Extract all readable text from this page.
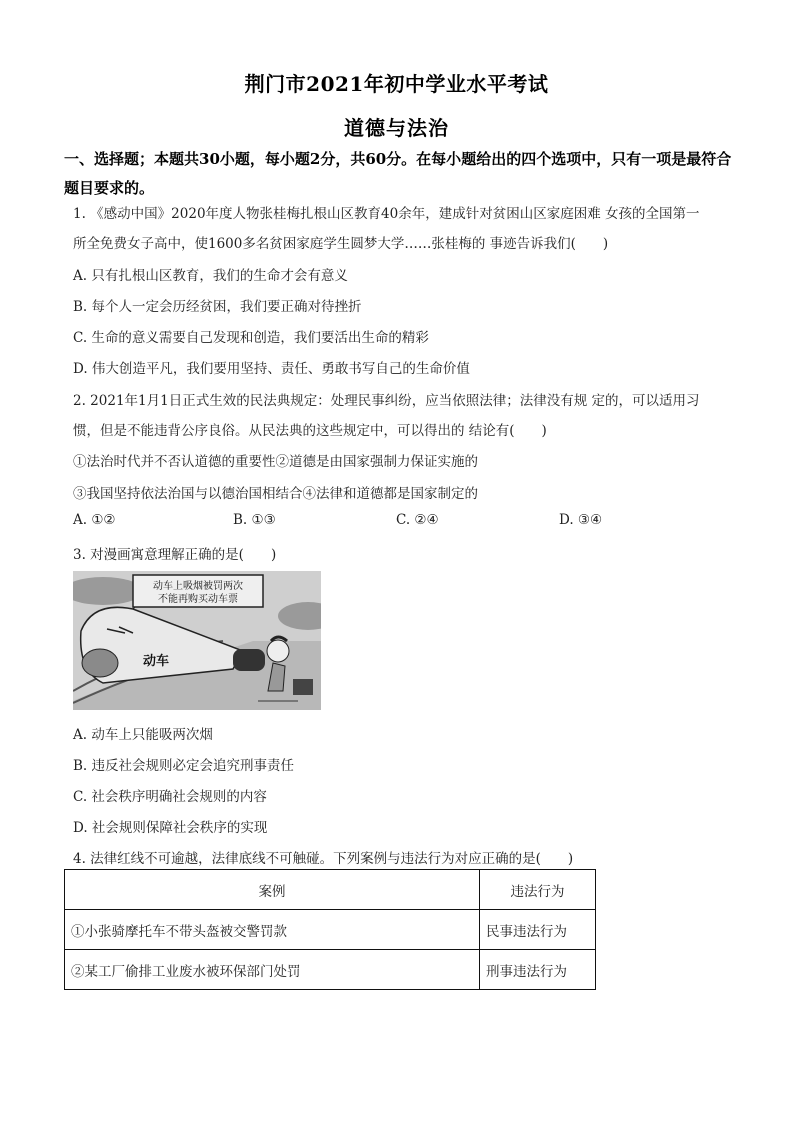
荆门市2021年初中学业水平考试
道德与法治
一、选择题；本题共30小题，每小题2分，共60分。在每小题给出的四个选项中，只有一项是最符合题目要求的。
1. 《感动中国》2020年度人物张桂梅扎根山区教育40余年，建成针对贫困山区家庭困难 女孩的全国第一
所全免费女子高中，使1600多名贫困家庭学生圆梦大学……张桂梅的 事迹告诉我们(　　)
A. 只有扎根山区教育，我们的生命才会有意义
B. 每个人一定会历经贫困，我们要正确对待挫折
C. 生命的意义需要自己发现和创造，我们要活出生命的精彩
D. 伟大创造平凡，我们要用坚持、责任、勇敢书写自己的生命价值
2. 2021年1月1日正式生效的民法典规定：处理民事纠纷，应当依照法律；法律没有规 定的，可以适用习
惯，但是不能违背公序良俗。从民法典的这些规定中，可以得出的 结论有(　　)
①法治时代并不否认道德的重要性②道德是由国家强制力保证实施的
③我国坚持依法治国与以德治国相结合④法律和道德都是国家制定的
A. ①②	B. ①③	C. ②④	D. ③④
3. 对漫画寓意理解正确的是(　　)
动车上吸烟被罚两次
不能再购买动车票
动车
A. 动车上只能吸两次烟
B. 违反社会规则必定会追究刑事责任
C. 社会秩序明确社会规则的内容
D. 社会规则保障社会秩序的实现
4. 法律红线不可逾越，法律底线不可触碰。下列案例与违法行为对应正确的是(　　)
案例	违法行为
①小张骑摩托车不带头盔被交警罚款	民事违法行为
②某工厂偷排工业废水被环保部门处罚	刑事违法行为
